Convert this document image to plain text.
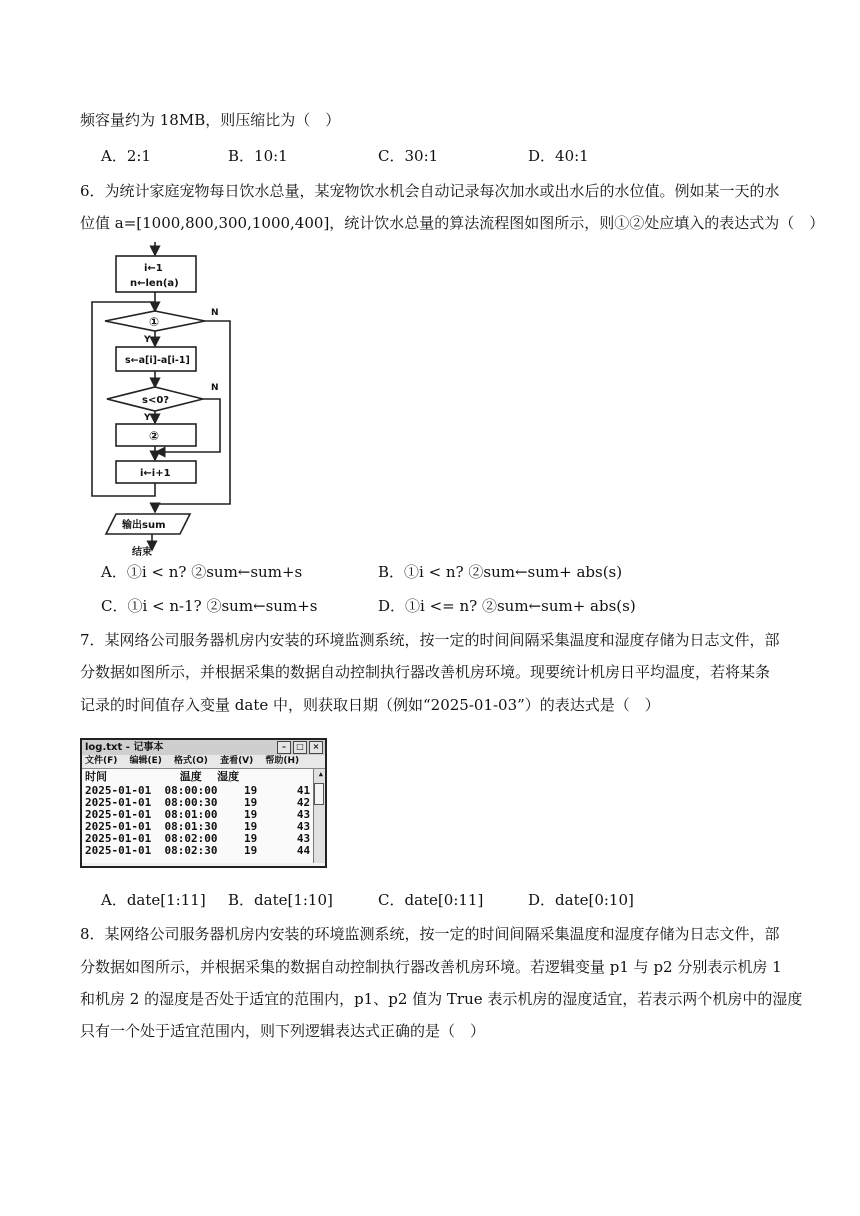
频容量约为 18MB，则压缩比为（　）
A．2:1	B．10:1	C．30:1	D．40:1
6．为统计家庭宠物每日饮水总量，某宠物饮水机会自动记录每次加水或出水后的水位值。例如某一天的水
位值 a=[1000,800,300,1000,400]，统计饮水总量的算法流程图如图所示，则①②处应填入的表达式为（　）
i←1
n←len(a)
①
N
Y
s←a[i]-a[i-1]
s<0?
N
Y
②
i←i+1
输出sum
结束
A．①i < n? ②sum←sum+s	B．①i < n? ②sum←sum+ abs(s)
C．①i < n-1? ②sum←sum+s	D．①i <= n? ②sum←sum+ abs(s)
7．某网络公司服务器机房内安装的环境监测系统，按一定的时间间隔采集温度和湿度存储为日志文件，部
分数据如图所示，并根据采集的数据自动控制执行器改善机房环境。现要统计机房日平均温度，若将某条
记录的时间值存入变量 date 中，则获取日期（例如“2025-01-03”）的表达式是（　）
log.txt - 记事本	–	□	×
文件(F) 编辑(E) 格式(O) 查看(V) 帮助(H)
时间                   温度    湿度
2025-01-01  08:00:00    19      41
2025-01-01  08:00:30    19      42
2025-01-01  08:01:00    19      43
2025-01-01  08:01:30    19      43
2025-01-01  08:02:00    19      43
2025-01-01  08:02:30    19      44
▲
A．date[1:11] B．date[1:10]	C．date[0:11]	D．date[0:10]
8．某网络公司服务器机房内安装的环境监测系统，按一定的时间间隔采集温度和湿度存储为日志文件，部
分数据如图所示，并根据采集的数据自动控制执行器改善机房环境。若逻辑变量 p1 与 p2 分别表示机房 1
和机房 2 的湿度是否处于适宜的范围内，p1、p2 值为 True 表示机房的湿度适宜，若表示两个机房中的湿度
只有一个处于适宜范围内，则下列逻辑表达式正确的是（　）
